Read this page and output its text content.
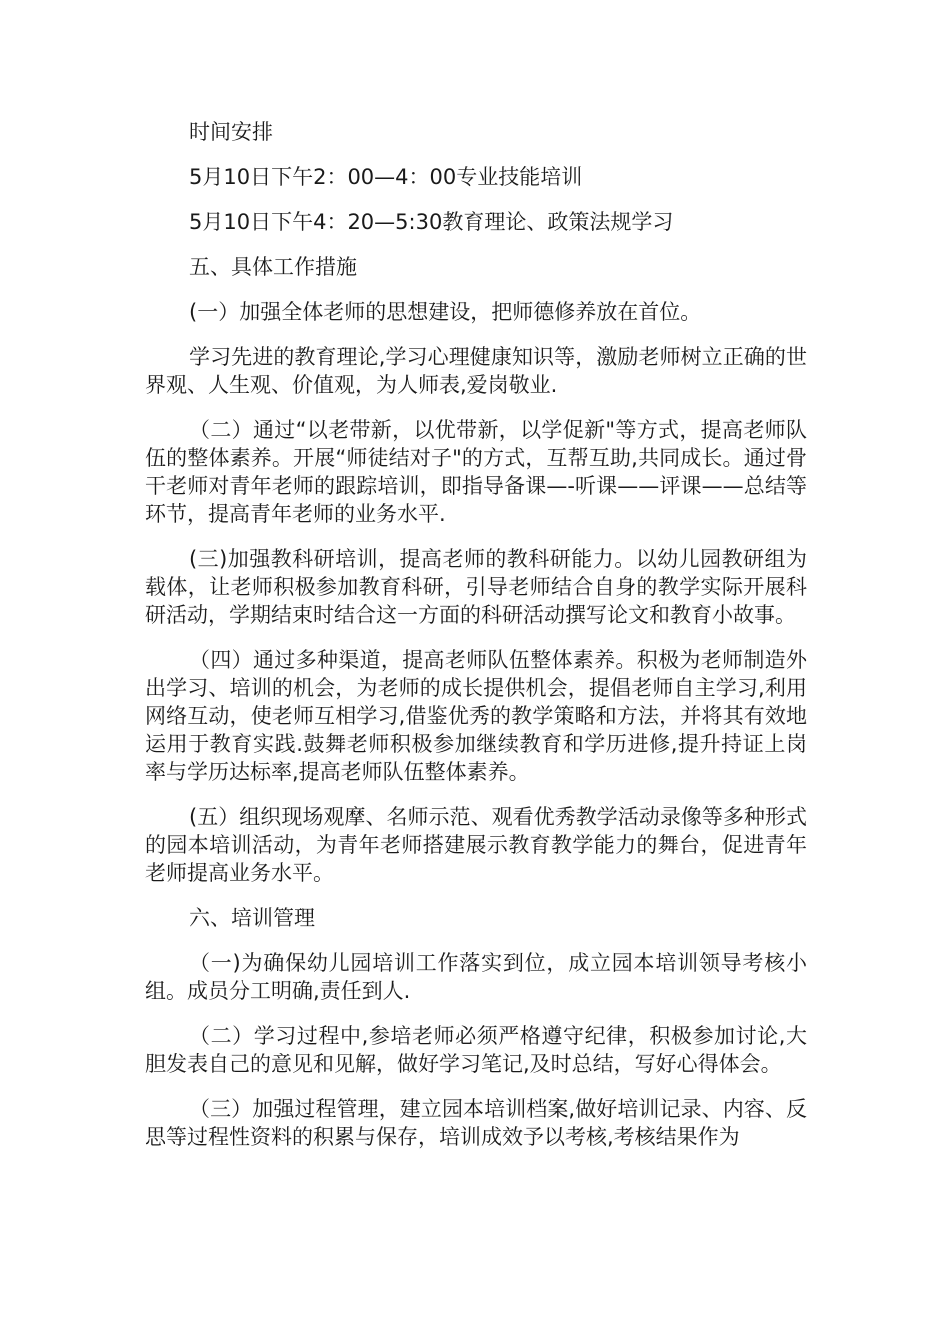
时间安排

5月10日下午2：00—4：00专业技能培训

5月10日下午4：20—5:30教育理论、政策法规学习

五、具体工作措施

(一）加强全体老师的思想建设，把师德修养放在首位。

学习先进的教育理论,学习心理健康知识等，激励老师树立正确的世界观、人生观、价值观，为人师表,爱岗敬业.

（二）通过“以老带新，以优带新，以学促新"等方式，提高老师队伍的整体素养。开展“师徒结对子"的方式，互帮互助,共同成长。通过骨干老师对青年老师的跟踪培训，即指导备课—-听课——评课——总结等环节，提高青年老师的业务水平.

(三)加强教科研培训，提高老师的教科研能力。以幼儿园教研组为载体，让老师积极参加教育科研，引导老师结合自身的教学实际开展科研活动，学期结束时结合这一方面的科研活动撰写论文和教育小故事。

（四）通过多种渠道，提高老师队伍整体素养。积极为老师制造外出学习、培训的机会，为老师的成长提供机会，提倡老师自主学习,利用网络互动，使老师互相学习,借鉴优秀的教学策略和方法，并将其有效地运用于教育实践.鼓舞老师积极参加继续教育和学历进修,提升持证上岗率与学历达标率,提高老师队伍整体素养。

(五）组织现场观摩、名师示范、观看优秀教学活动录像等多种形式的园本培训活动，为青年老师搭建展示教育教学能力的舞台，促进青年老师提高业务水平。

六、培训管理

（一)为确保幼儿园培训工作落实到位，成立园本培训领导考核小组。成员分工明确,责任到人.

（二）学习过程中,参培老师必须严格遵守纪律，积极参加讨论,大胆发表自己的意见和见解，做好学习笔记,及时总结，写好心得体会。

（三）加强过程管理，建立园本培训档案,做好培训记录、内容、反思等过程性资料的积累与保存，培训成效予以考核,考核结果作为
